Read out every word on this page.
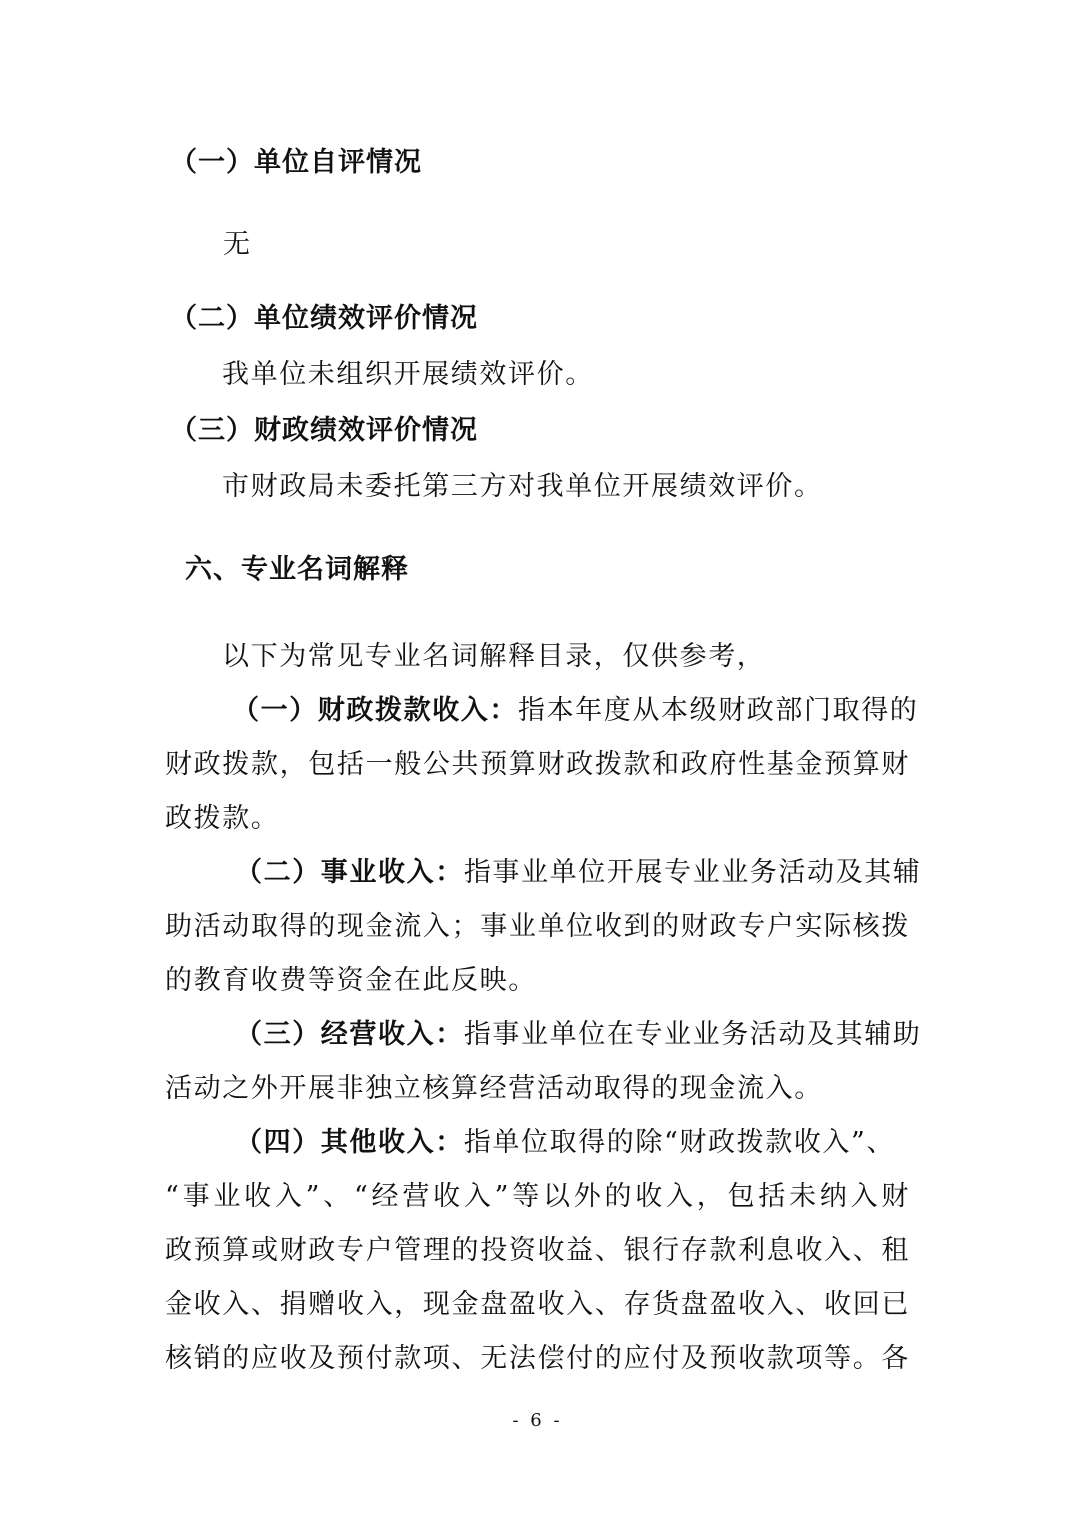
（一）单位自评情况
无
（二）单位绩效评价情况
我单位未组织开展绩效评价。
（三）财政绩效评价情况
市财政局未委托第三方对我单位开展绩效评价。
六、专业名词解释
以下为常见专业名词解释目录，仅供参考，
（一）财政拨款收入：指本年度从本级财政部门取得的
财政拨款，包括一般公共预算财政拨款和政府性基金预算财
政拨款。
（二）事业收入：指事业单位开展专业业务活动及其辅
助活动取得的现金流入；事业单位收到的财政专户实际核拨
的教育收费等资金在此反映。
（三）经营收入：指事业单位在专业业务活动及其辅助
活动之外开展非独立核算经营活动取得的现金流入。
（四）其他收入：指单位取得的除“财政拨款收入”、
“事业收入”、“经营收入”等以外的收入，包括未纳入财
政预算或财政专户管理的投资收益、银行存款利息收入、租
金收入、捐赠收入，现金盘盈收入、存货盘盈收入、收回已
核销的应收及预付款项、无法偿付的应付及预收款项等。各
- 6 -
